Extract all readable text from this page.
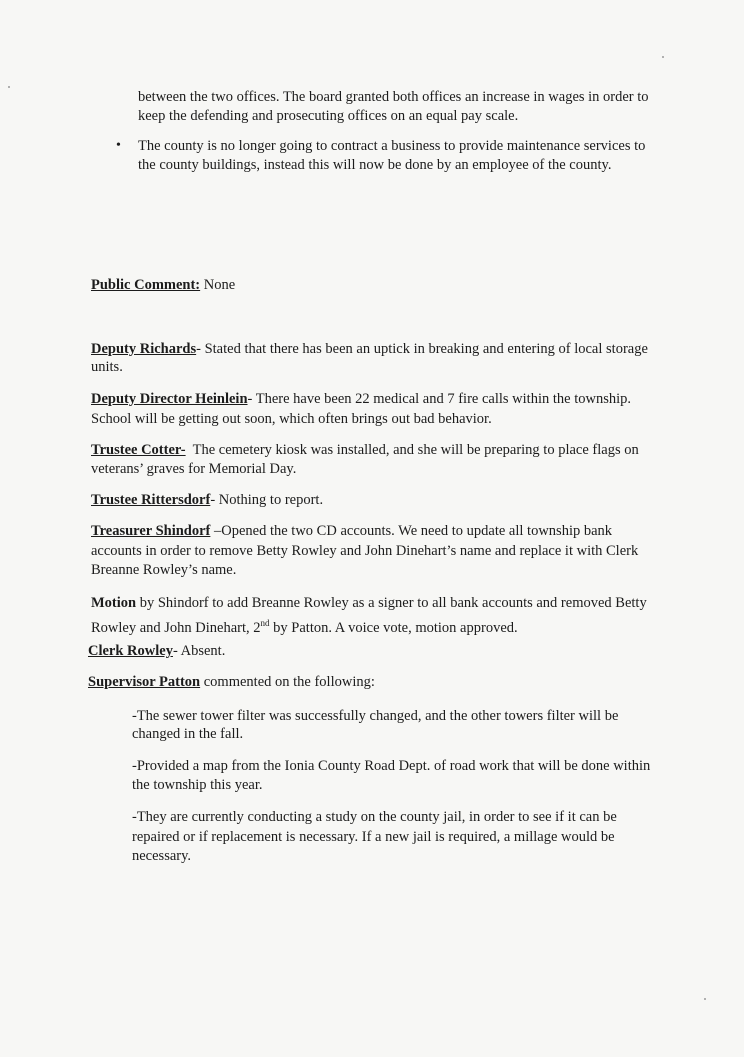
between the two offices. The board granted both offices an increase in wages in order to

keep the defending and prosecuting offices on an equal pay scale.

• The county is no longer going to contract a business to provide maintenance services to

the county buildings, instead this will now be done by an employee of the county.

Public Comment: None

Deputy Richards- Stated that there has been an uptick in breaking and entering of local storage

units.

Deputy Director Heinlein- There have been 22 medical and 7 fire calls within the township.

School will be getting out soon, which often brings out bad behavior.

Trustee Cotter-  The cemetery kiosk was installed, and she will be preparing to place flags on

veterans’ graves for Memorial Day.

Trustee Rittersdorf- Nothing to report.

Treasurer Shindorf –Opened the two CD accounts. We need to update all township bank

accounts in order to remove Betty Rowley and John Dinehart’s name and replace it with Clerk

Breanne Rowley’s name.

Motion by Shindorf to add Breanne Rowley as a signer to all bank accounts and removed Betty

Rowley and John Dinehart, 2nd by Patton. A voice vote, motion approved.

Clerk Rowley- Absent.

Supervisor Patton commented on the following:

-The sewer tower filter was successfully changed, and the other towers filter will be

changed in the fall.

-Provided a map from the Ionia County Road Dept. of road work that will be done within

the township this year.

-They are currently conducting a study on the county jail, in order to see if it can be

repaired or if replacement is necessary. If a new jail is required, a millage would be

necessary.
